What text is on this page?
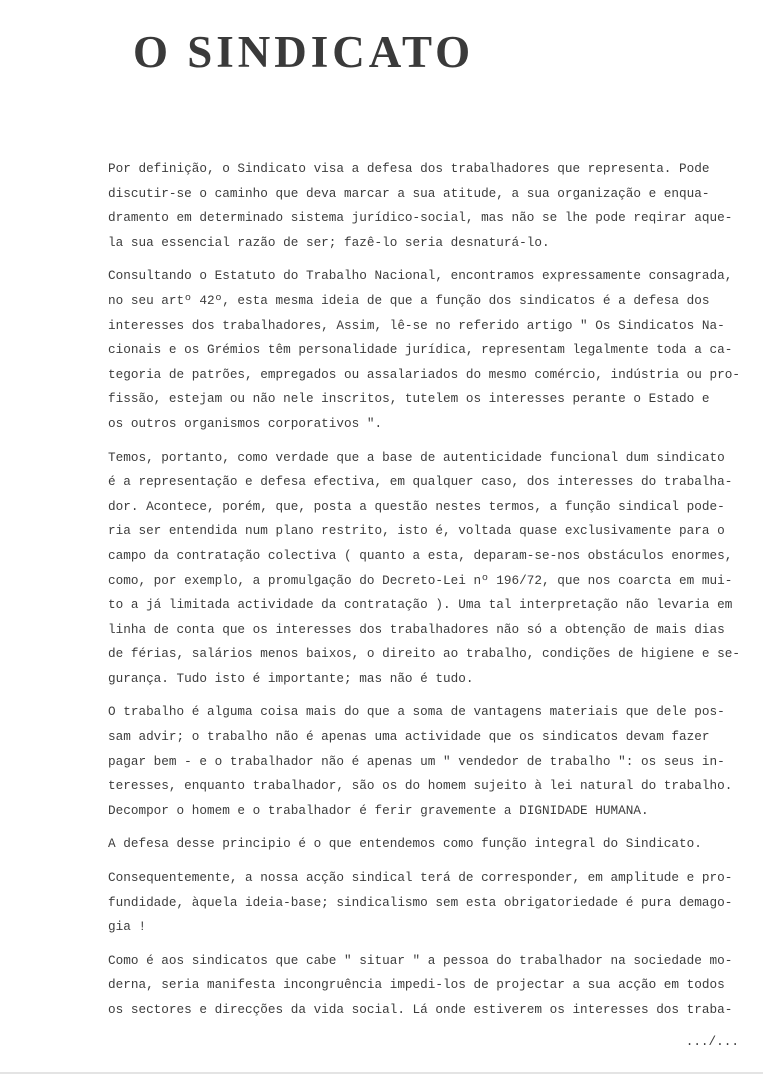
O SINDICATO
Por definição, o Sindicato visa a defesa dos trabalhadores que representa. Pode
discutir-se o caminho que deva marcar a sua atitude, a sua organização e enqua-
dramento em determinado sistema jurídico-social, mas não se lhe pode reqirar aque-
la sua essencial razão de ser; fazê-lo seria desnaturá-lo.
Consultando o Estatuto do Trabalho Nacional, encontramos expressamente consagrada,
no seu artº 42º, esta mesma ideia de que a função dos sindicatos é a defesa dos
interesses dos trabalhadores, Assim, lê-se no referido artigo " Os Sindicatos Na-
cionais e os Grémios têm personalidade jurídica, representam legalmente toda a ca-
tegoria de patrões, empregados ou assalariados do mesmo comércio, indústria ou pro-
fissão, estejam ou não nele inscritos, tutelem os interesses perante o Estado e
os outros organismos corporativos ".
Temos, portanto, como verdade que a base de autenticidade funcional dum sindicato
é a representação e defesa efectiva, em qualquer caso, dos interesses do trabalha-
dor. Acontece, porém, que, posta a questão nestes termos, a função sindical pode-
ria ser entendida num plano restrito, isto é, voltada quase exclusivamente para o
campo da contratação colectiva ( quanto a esta, deparam-se-nos obstáculos enormes,
como, por exemplo, a promulgação do Decreto-Lei nº 196/72, que nos coarcta em mui-
to a já limitada actividade da contratação ). Uma tal interpretação não levaria em
linha de conta que os interesses dos trabalhadores não só a obtenção de mais dias
de férias, salários menos baixos, o direito ao trabalho, condições de higiene e se-
gurança. Tudo isto é importante; mas não é tudo.
O trabalho é alguma coisa mais do que a soma de vantagens materiais que dele pos-
sam advir; o trabalho não é apenas uma actividade que os sindicatos devam fazer
pagar bem - e o trabalhador não é apenas um " vendedor de trabalho ": os seus in-
teresses, enquanto trabalhador, são os do homem sujeito à lei natural do trabalho.
Decompor o homem e o trabalhador é ferir gravemente a DIGNIDADE HUMANA.
A defesa desse principio é o que entendemos como função integral do Sindicato.
Consequentemente, a nossa acção sindical terá de corresponder, em amplitude e pro-
fundidade, àquela ideia-base; sindicalismo sem esta obrigatoriedade é pura demago-
gia !
Como é aos sindicatos que cabe " situar " a pessoa do trabalhador na sociedade mo-
derna, seria manifesta incongruência impedi-los de projectar a sua acção em todos
os sectores e direcções da vida social. Lá onde estiverem os interesses dos traba-
.../...
